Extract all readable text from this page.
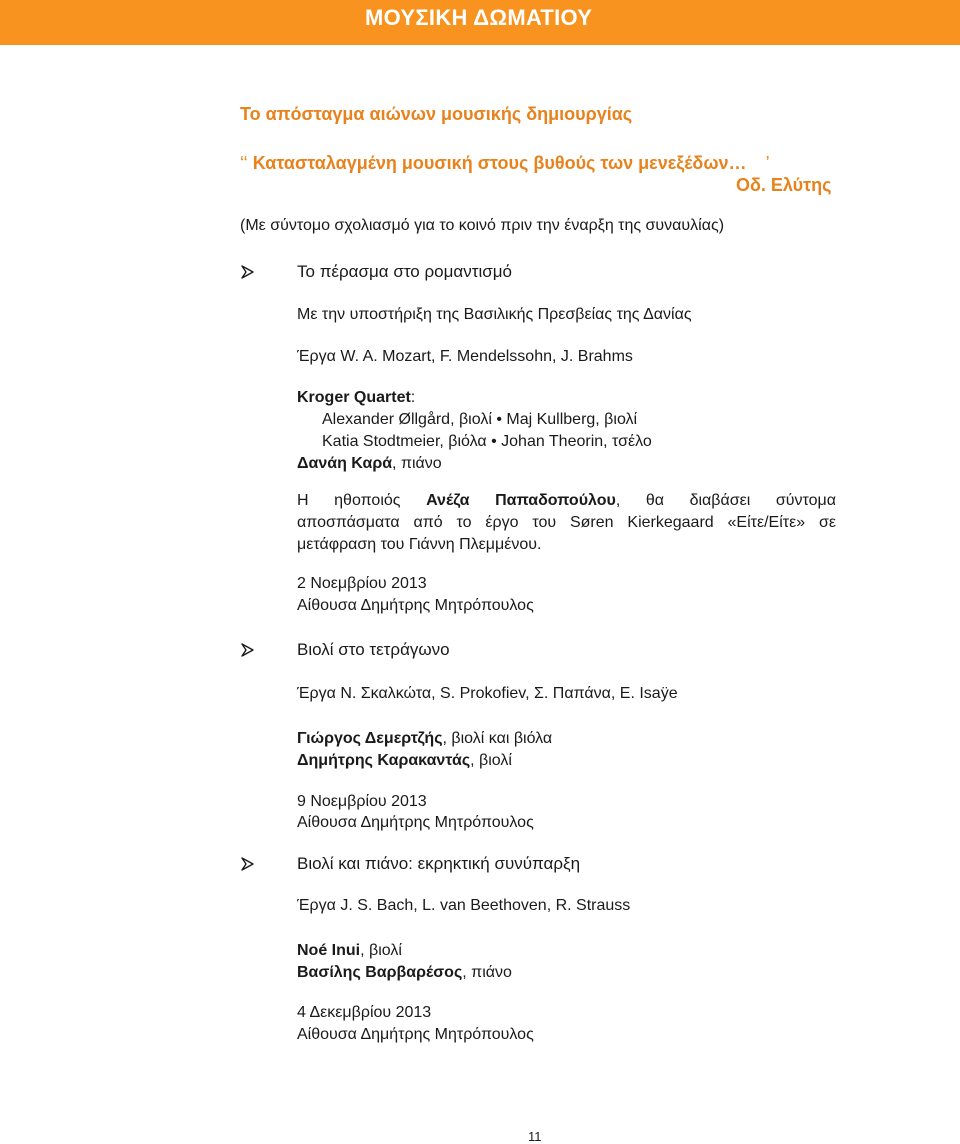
ΜΟΥΣΙΚΗ ΔΩΜΑΤΙΟΥ
Το απόσταγμα αιώνων μουσικής δημιουργίας
‘‘ Κατασταλαγμένη μουσική στους βυθούς των μενεξέδων… ’
Οδ. Ελύτης
(Με σύντομο σχολιασμό για το κοινό πριν την έναρξη της συναυλίας)
Το πέρασμα στο ρομαντισμό
Με την υποστήριξη της Βασιλικής Πρεσβείας της Δανίας
Έργα W. A. Mozart, F. Mendelssohn, J. Brahms
Kroger Quartet:
Alexander Øllgård, βιολί • Maj Kullberg, βιολί
Katia Stodtmeier, βιόλα • Johan Theorin, τσέλο
Δανάη Καρά, πιάνο
Η ηθοποιός Ανέζα Παπαδοπούλου, θα διαβάσει σύντομα
αποσπάσματα από το έργο του Søren Kierkegaard «Είτε/Είτε» σε
μετάφραση του Γιάννη Πλεμμένου.
2 Νοεμβρίου 2013
Αίθουσα Δημήτρης Μητρόπουλος
Βιολί στο τετράγωνο
Έργα Ν. Σκαλκώτα, S. Prokofiev, Σ. Παπάνα, E. Isaÿe
Γιώργος Δεμερτζής, βιολί και βιόλα
Δημήτρης Καρακαντάς, βιολί
9 Νοεμβρίου 2013
Αίθουσα Δημήτρης Μητρόπουλος
Βιολί και πιάνο: εκρηκτική συνύπαρξη
Έργα J. S. Bach, L. van Beethoven, R. Strauss
Noé Inui, βιολί
Βασίλης Βαρβαρέσος, πιάνο
4 Δεκεμβρίου 2013
Αίθουσα Δημήτρης Μητρόπουλος
11
